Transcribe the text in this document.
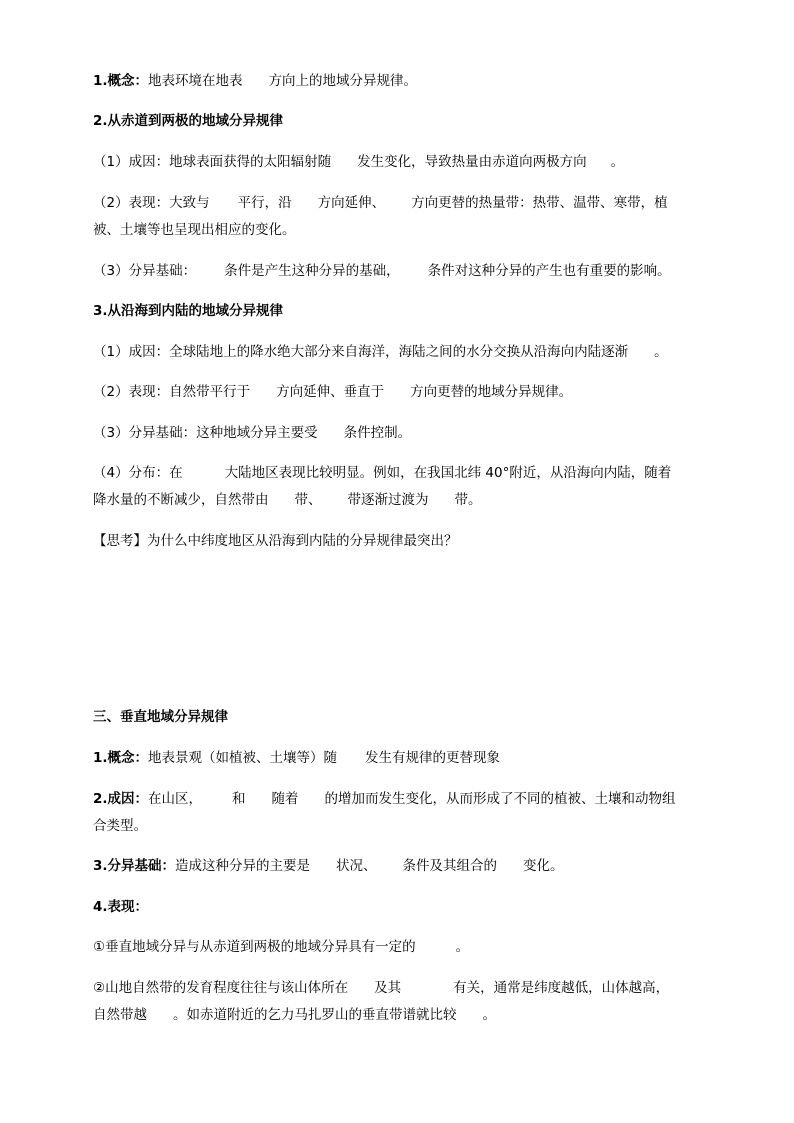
1.概念：地表环境在地表 方向上的地域分异规律。

2.从赤道到两极的地域分异规律

（1）成因：地球表面获得的太阳辐射随 发生变化，导致热量由赤道向两极方向 。

（2）表现：大致与 平行，沿 方向延伸、 方向更替的热量带：热带、温带、寒带，植

被、土壤等也呈现出相应的变化。

（3）分异基础： 条件是产生这种分异的基础， 条件对这种分异的产生也有重要的影响。

3.从沿海到内陆的地域分异规律

（1）成因：全球陆地上的降水绝大部分来自海洋，海陆之间的水分交换从沿海向内陆逐渐 。

（2）表现：自然带平行于 方向延伸、垂直于 方向更替的地域分异规律。

（3）分异基础：这种地域分异主要受 条件控制。

（4）分布：在	大陆地区表现比较明显。例如，在我国北纬 40°附近，从沿海向内陆，随着

降水量的不断减少，自然带由 带、 带逐渐过渡为 带。

【思考】为什么中纬度地区从沿海到内陆的分异规律最突出？

三、垂直地域分异规律

1.概念：地表景观（如植被、土壤等）随 发生有规律的更替现象

2.成因：在山区， 和 随着 的增加而发生变化，从而形成了不同的植被、土壤和动物组

合类型。

3.分异基础：造成这种分异的主要是 状况、 条件及其组合的 变化。

4.表现：

①垂直地域分异与从赤道到两极的地域分异具有一定的	。

②山地自然带的发育程度往往与该山体所在 及其	有关，通常是纬度越低，山体越高，

自然带越 。如赤道附近的乞力马扎罗山的垂直带谱就比较 。
